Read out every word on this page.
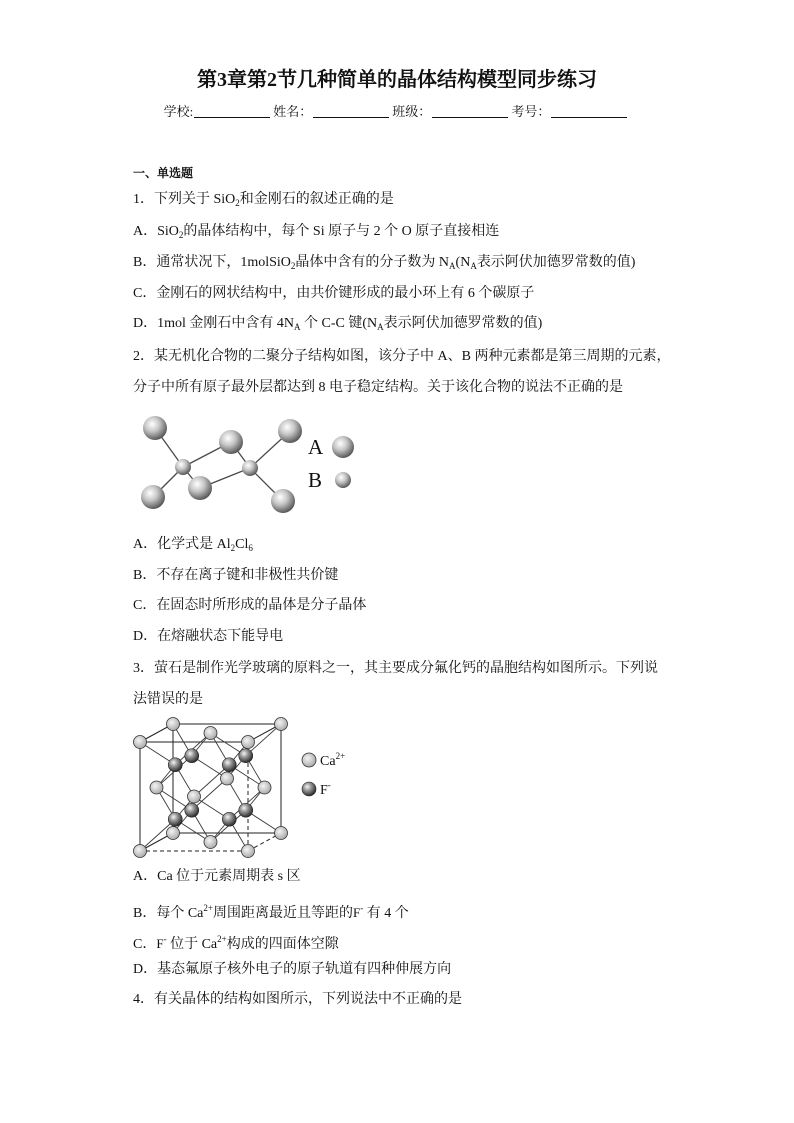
第3章第2节几种简单的晶体结构模型同步练习
学校:	姓名：	班级：	考号：
一、单选题
1．下列关于 SiO$_2$和金刚石的叙述正确的是
A．SiO$_2$的晶体结构中，每个 Si 原子与 2 个 O 原子直接相连
B．通常状况下，1molSiO$_2$晶体中含有的分子数为 $N_A(N_A$表示阿伏加德罗常数的值)
C．金刚石的网状结构中，由共价键形成的最小环上有 6 个碳原子
D．1mol 金刚石中含有 $4N_A$ 个 C-C 键($N_A$表示阿伏加德罗常数的值)
2．某无机化合物的二聚分子结构如图，该分子中 A、B 两种元素都是第三周期的元素，
分子中所有原子最外层都达到 8 电子稳定结构。关于该化合物的说法不正确的是
A．化学式是 $Al_2Cl_6$
B．不存在离子键和非极性共价键
C．在固态时所形成的晶体是分子晶体
D．在熔融状态下能导电
3．萤石是制作光学玻璃的原料之一，其主要成分氟化钙的晶胞结构如图所示。下列说
法错误的是
A．Ca 位于元素周期表 s 区
B．每个 $Ca^{2+}$周围距离最近且等距的F- 有 4 个
C．F- 位于 $Ca^{2+}$构成的四面体空隙
D．基态氟原子核外电子的原子轨道有四种伸展方向
4．有关晶体的结构如图所示，下列说法中不正确的是
A
B
$Ca^{2+}$
F-
